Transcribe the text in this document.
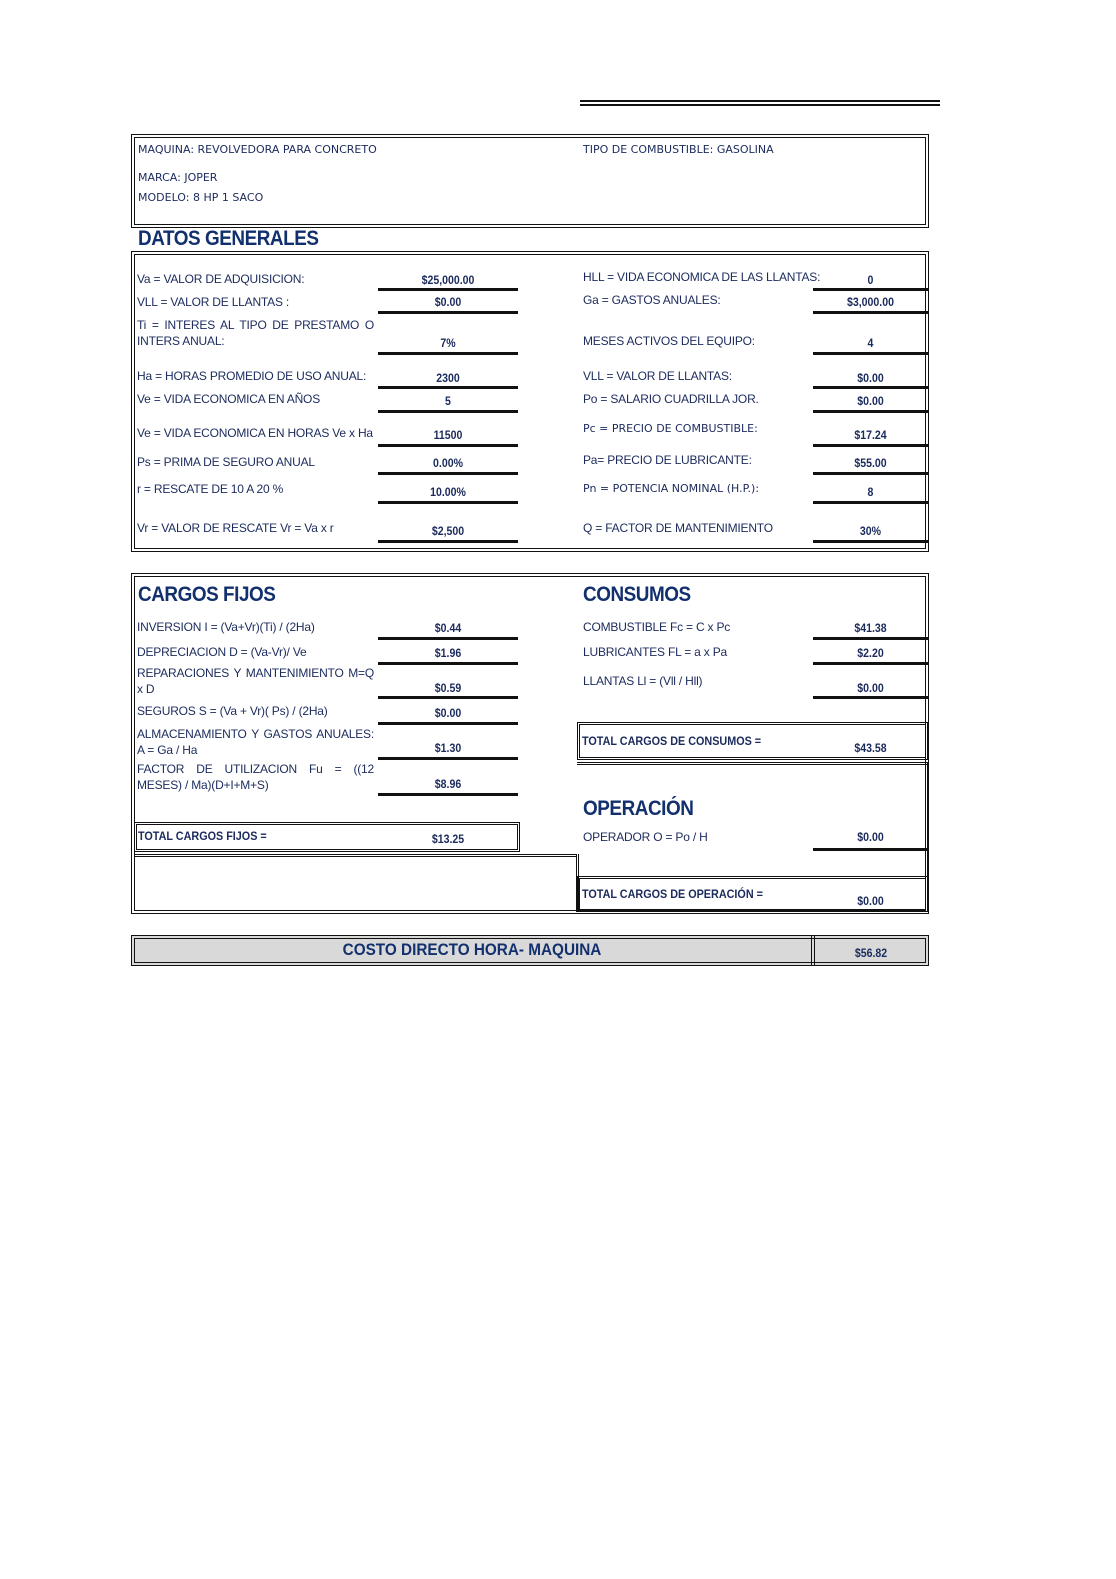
MAQUINA: REVOLVEDORA PARA CONCRETO	TIPO DE COMBUSTIBLE: GASOLINA
MARCA: JOPER
MODELO: 8 HP 1 SACO
DATOS GENERALES
Va = VALOR DE ADQUISICION:	$25,000.00
VLL = VALOR DE LLANTAS :	$0.00
Ti = INTERES AL TIPO DE PRESTAMO O INTERS ANUAL:	7%
Ha = HORAS PROMEDIO DE USO ANUAL:	2300
Ve = VIDA ECONOMICA EN AÑOS	5
Ve = VIDA ECONOMICA EN HORAS Ve x Ha	11500
Ps = PRIMA DE SEGURO ANUAL	0.00%
r = RESCATE DE 10 A 20 %	10.00%
Vr = VALOR DE RESCATE Vr = Va x r	$2,500
HLL = VIDA ECONOMICA DE LAS LLANTAS:	0
Ga = GASTOS ANUALES:	$3,000.00
MESES ACTIVOS DEL EQUIPO:	4
VLL = VALOR DE LLANTAS:	$0.00
Po = SALARIO CUADRILLA JOR.	$0.00
Pc = PRECIO DE COMBUSTIBLE:	$17.24
Pa= PRECIO DE LUBRICANTE:	$55.00
Pn = POTENCIA NOMINAL (H.P.):	8
Q = FACTOR DE MANTENIMIENTO	30%
CARGOS FIJOS
INVERSION I = (Va+Vr)(Ti) / (2Ha)	$0.44
DEPRECIACION D = (Va-Vr)/ Ve	$1.96
REPARACIONES Y MANTENIMIENTO M=Q x D	$0.59
SEGUROS S = (Va + Vr)( Ps) / (2Ha)	$0.00
ALMACENAMIENTO Y GASTOS ANUALES: A = Ga / Ha	$1.30
FACTOR DE UTILIZACION Fu = ((12 MESES) / Ma)(D+I+M+S)	$8.96
TOTAL CARGOS FIJOS =	$13.25
CONSUMOS
COMBUSTIBLE Fc = C x Pc	$41.38
LUBRICANTES FL = a x Pa	$2.20
LLANTAS Ll = (Vll / Hll)	$0.00
TOTAL CARGOS DE CONSUMOS =	$43.58
OPERACIÓN
OPERADOR O = Po / H	$0.00
TOTAL CARGOS DE OPERACIÓN =	$0.00
COSTO DIRECTO HORA- MAQUINA	$56.82
